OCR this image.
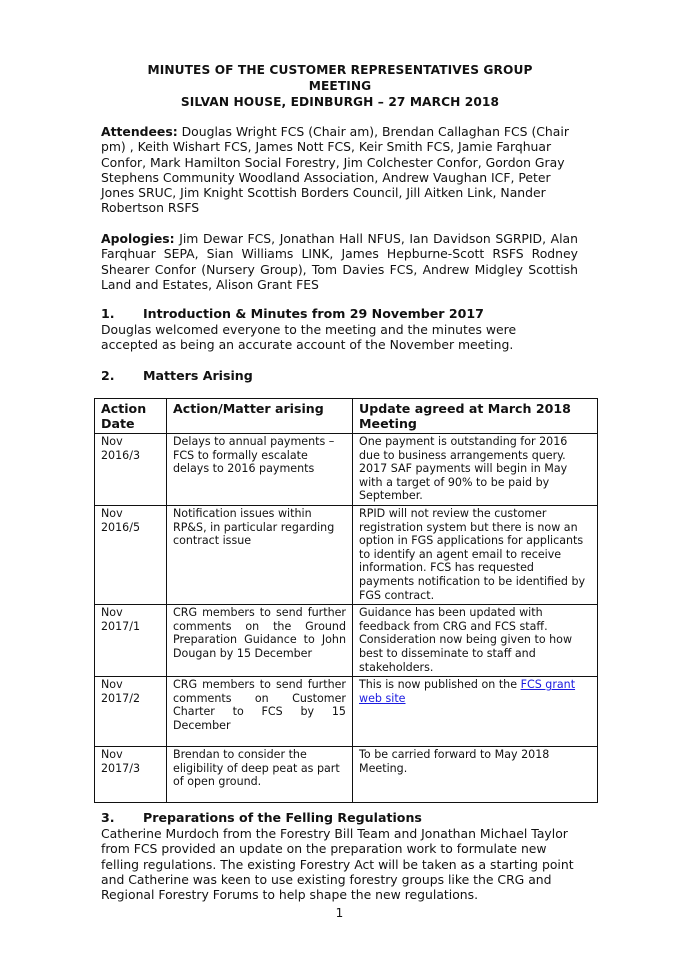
MINUTES OF THE CUSTOMER REPRESENTATIVES GROUP
MEETING
SILVAN HOUSE, EDINBURGH – 27 MARCH 2018
Attendees: Douglas Wright FCS (Chair am), Brendan Callaghan FCS (Chair pm) , Keith Wishart FCS, James Nott FCS, Keir Smith FCS, Jamie Farqhuar Confor, Mark Hamilton Social Forestry, Jim Colchester Confor, Gordon Gray Stephens Community Woodland Association, Andrew Vaughan ICF, Peter Jones SRUC, Jim Knight Scottish Borders Council, Jill Aitken Link, Nander Robertson RSFS
Apologies: Jim Dewar FCS, Jonathan Hall NFUS, Ian Davidson SGRPID, Alan Farqhuar SEPA, Sian Williams LINK, James Hepburne-Scott RSFS Rodney Shearer Confor (Nursery Group), Tom Davies FCS, Andrew Midgley Scottish Land and Estates, Alison Grant FES
1. Introduction & Minutes from 29 November 2017
Douglas welcomed everyone to the meeting and the minutes were accepted as being an accurate account of the November meeting.
2. Matters Arising
Action Date	Action/Matter arising	Update agreed at March 2018 Meeting
Nov 2016/3	Delays to annual payments – FCS to formally escalate delays to 2016 payments	One payment is outstanding for 2016 due to business arrangements query. 2017 SAF payments will begin in May with a target of 90% to be paid by September.
Nov 2016/5	Notification issues within RP&S, in particular regarding contract issue	RPID will not review the customer registration system but there is now an option in FGS applications for applicants to identify an agent email to receive information. FCS has requested payments notification to be identified by FGS contract.
Nov 2017/1	CRG members to send further comments on the Ground Preparation Guidance to John Dougan by 15 December	Guidance has been updated with feedback from CRG and FCS staff. Consideration now being given to how best to disseminate to staff and stakeholders.
Nov 2017/2	CRG members to send further comments on Customer Charter to FCS by 15 December	This is now published on the FCS grant web site
Nov 2017/3	Brendan to consider the eligibility of deep peat as part of open ground.	To be carried forward to May 2018 Meeting.
3. Preparations of the Felling Regulations
Catherine Murdoch from the Forestry Bill Team and Jonathan Michael Taylor from FCS provided an update on the preparation work to formulate new felling regulations. The existing Forestry Act will be taken as a starting point and Catherine was keen to use existing forestry groups like the CRG and Regional Forestry Forums to help shape the new regulations.
1
